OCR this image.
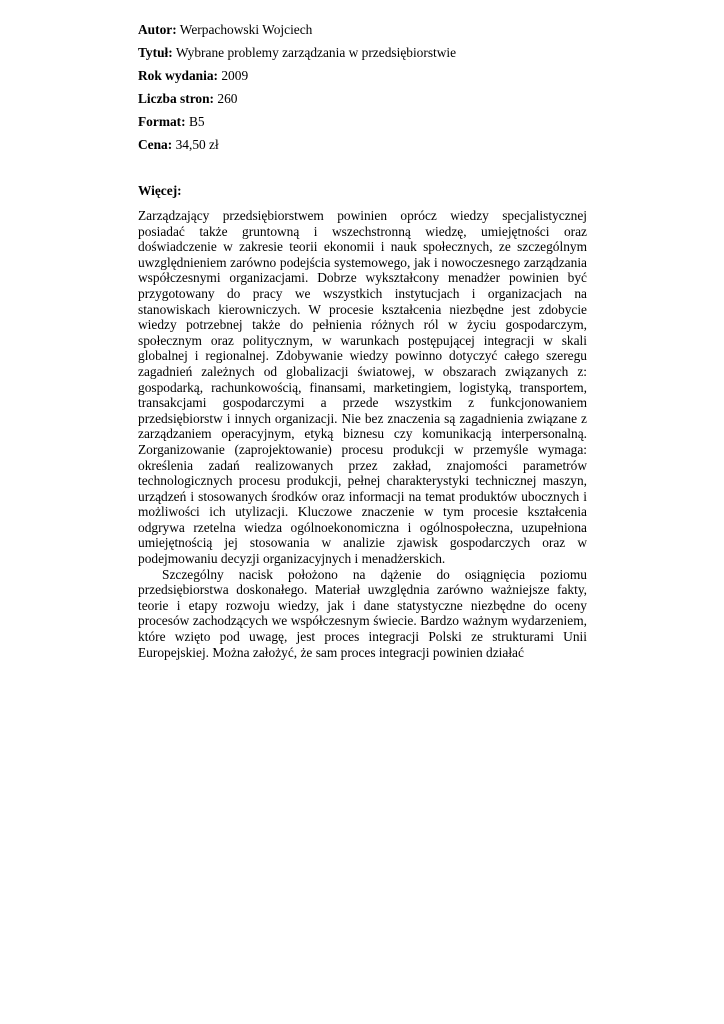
Autor: Werpachowski Wojciech
Tytuł: Wybrane problemy zarządzania w przedsiębiorstwie
Rok wydania: 2009
Liczba stron: 260
Format: B5
Cena: 34,50 zł
Więcej:

Zarządzający przedsiębiorstwem powinien oprócz wiedzy specjalistycznej posiadać także gruntowną i wszechstronną wiedzę, umiejętności oraz doświadczenie w zakresie teorii ekonomii i nauk społecznych, ze szczególnym uwzględnieniem zarówno podejścia systemowego, jak i nowoczesnego zarządzania współczesnymi organizacjami. Dobrze wykształcony menadżer powinien być przygotowany do pracy we wszystkich instytucjach i organizacjach na stanowiskach kierowniczych. W procesie kształcenia niezbędne jest zdobycie wiedzy potrzebnej także do pełnienia różnych ról w życiu gospodarczym, społecznym oraz politycznym, w warunkach postępującej integracji w skali globalnej i regionalnej. Zdobywanie wiedzy powinno dotyczyć całego szeregu zagadnień zależnych od globalizacji światowej, w obszarach związanych z: gospodarką, rachunkowością, finansami, marketingiem, logistyką, transportem, transakcjami gospodarczymi a przede wszystkim z funkcjonowaniem przedsiębiorstw i innych organizacji. Nie bez znaczenia są zagadnienia związane z zarządzaniem operacyjnym, etyką biznesu czy komunikacją interpersonalną. Zorganizowanie (zaprojektowanie) procesu produkcji w przemyśle wymaga: określenia zadań realizowanych przez zakład, znajomości parametrów technologicznych procesu produkcji, pełnej charakterystyki technicznej maszyn, urządzeń i stosowanych środków oraz informacji na temat produktów ubocznych i możliwości ich utylizacji. Kluczowe znaczenie w tym procesie kształcenia odgrywa rzetelna wiedza ogólnoekonomiczna i ogólnospołeczna, uzupełniona umiejętnością jej stosowania w analizie zjawisk gospodarczych oraz w podejmowaniu decyzji organizacyjnych i menadżerskich.

Szczególny nacisk położono na dążenie do osiągnięcia poziomu przedsiębiorstwa doskonałego. Materiał uwzględnia zarówno ważniejsze fakty, teorie i etapy rozwoju wiedzy, jak i dane statystyczne niezbędne do oceny procesów zachodzących we współczesnym świecie. Bardzo ważnym wydarzeniem, które wzięto pod uwagę, jest proces integracji Polski ze strukturami Unii Europejskiej. Można założyć, że sam proces integracji powinien działać
